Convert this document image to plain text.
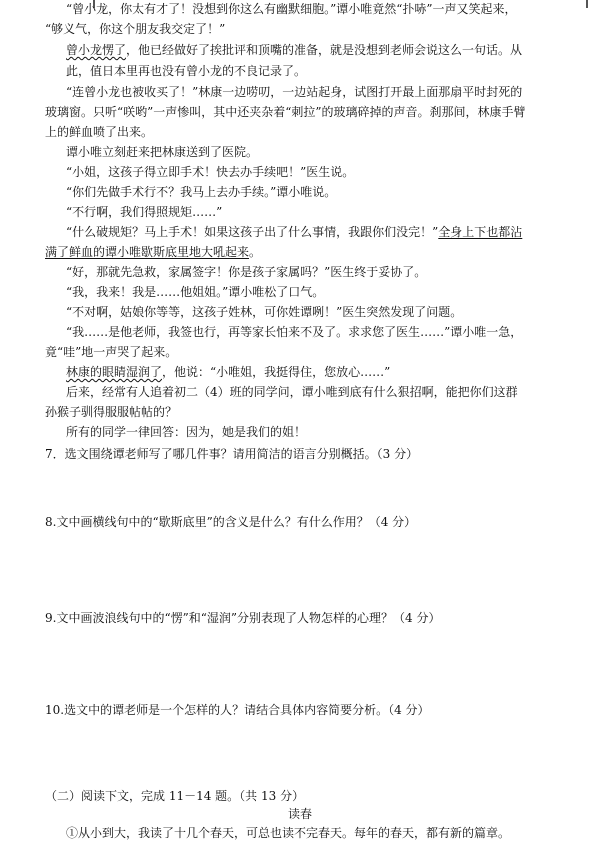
“曾小龙，你太有才了！没想到你这么有幽默细胞。”谭小唯竟然“扑哧”一声又笑起来，
“够义气，你这个朋友我交定了！”
曾小龙愣了，他已经做好了挨批评和顶嘴的准备，就是没想到老师会说这么一句话。从
此，值日本里再也没有曾小龙的不良记录了。
“连曾小龙也被收买了！”林康一边唠叨，一边站起身，试图打开最上面那扇平时封死的
玻璃窗。只听“咲哟”一声惨叫，其中还夹杂着“刺拉”的玻璃碎掉的声音。刹那间，林康手臂
上的鲜血喷了出来。
谭小唯立刻赶来把林康送到了医院。
“小姐，这孩子得立即手术！快去办手续吧！”医生说。
“你们先做手术行不？我马上去办手续。”谭小唯说。
“不行啊，我们得照规矩……”
“什么破规矩？马上手术！如果这孩子出了什么事情，我跟你们没完！”全身上下也都沾
满了鲜血的谭小唯歇斯底里地大吼起来。
“好，那就先急救，家属签字！你是孩子家属吗？”医生终于妥协了。
“我，我来！我是……他姐姐。”谭小唯松了口气。
“不对啊，姑娘你等等，这孩子姓林，可你姓谭咧！”医生突然发现了问题。
“我……是他老师，我签也行，再等家长怕来不及了。求求您了医生……”谭小唯一急，
竟“哇”地一声哭了起来。
林康的眼睛湿润了，他说：“小唯姐，我挺得住，您放心……”
后来，经常有人追着初二（4）班的同学问，谭小唯到底有什么狠招啊，能把你们这群
孙猴子驯得服服帖帖的？
所有的同学一律回答：因为，她是我们的姐！
7．选文围绕谭老师写了哪几件事？请用简洁的语言分别概括。（3 分）
8.文中画横线句中的“歇斯底里”的含义是什么？有什么作用？（4 分）
9.文中画波浪线句中的“愣”和“湿润”分别表现了人物怎样的心理？（4 分）
10.选文中的谭老师是一个怎样的人？请结合具体内容简要分析。（4 分）
（二）阅读下文，完成 11－14 题。（共 13 分）
读春
①从小到大，我读了十几个春天，可总也读不完春天。每年的春天，都有新的篇章。
